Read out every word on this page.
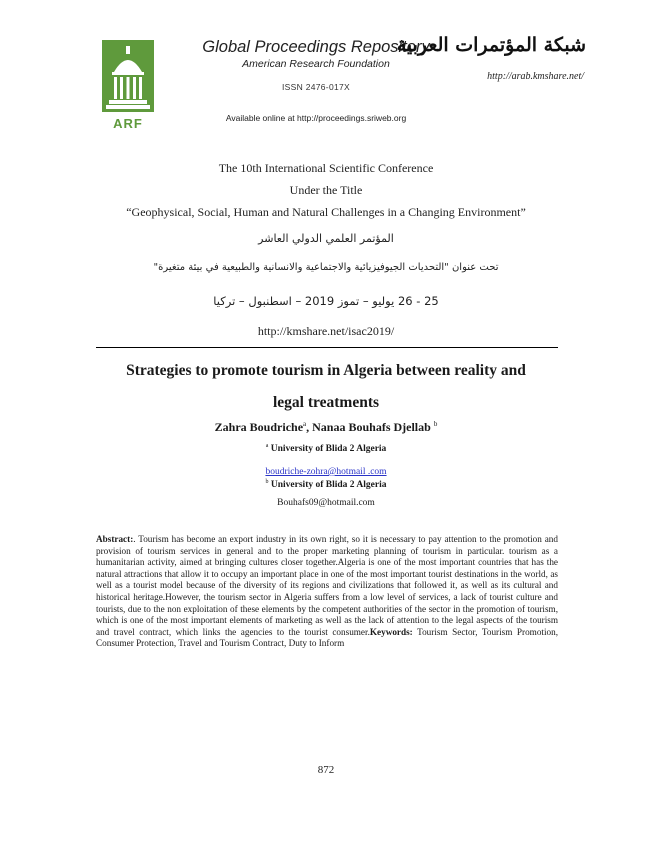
ARF
Global Proceedings Repository
American Research Foundation
ISSN 2476-017X
Available online at http://proceedings.sriweb.org
شبكة المؤتمرات العربية
http://arab.kmshare.net/
The 10th International Scientific Conference
Under the Title
“Geophysical, Social, Human and Natural Challenges in a Changing Environment”
المؤتمر العلمي الدولي العاشر
تحت عنوان "التحديات الجيوفيزيائية والاجتماعية والانسانية والطبيعية في بيئة متغيرة"
25 - 26 يوليو – تموز 2019 – اسطنبول – تركيا
http://kmshare.net/isac2019/
Strategies to promote tourism in Algeria between reality and
legal treatments
Zahra Boudriche$^a$, Nanaa Bouhafs Djellab $^b$
$^a$ University of Blida 2 Algeria
boudriche-zohra@hotmail .com
$^b$ University of Blida 2 Algeria
Bouhafs09@hotmail.com
Abstract:. Tourism has become an export industry in its own right, so it is necessary to pay attention to the promotion and provision of tourism services in general and to the proper marketing planning of tourism in particular. tourism as a humanitarian activity, aimed at bringing cultures closer together.Algeria is one of the most important countries that has the natural attractions that allow it to occupy an important place in one of the most important tourist destinations in the world, as well as a tourist model because of the diversity of its regions and civilizations that followed it, as well as its cultural and historical heritage.However, the tourism sector in Algeria suffers from a low level of services, a lack of tourist culture and tourists, due to the non exploitation of these elements by the competent authorities of the sector in the promotion of tourism, which is one of the most important elements of marketing as well as the lack of attention to the legal aspects of the tourism and travel contract, which links the agencies to the tourist consumer.Keywords: Tourism Sector, Tourism Promotion, Consumer Protection, Travel and Tourism Contract, Duty to Inform
872
